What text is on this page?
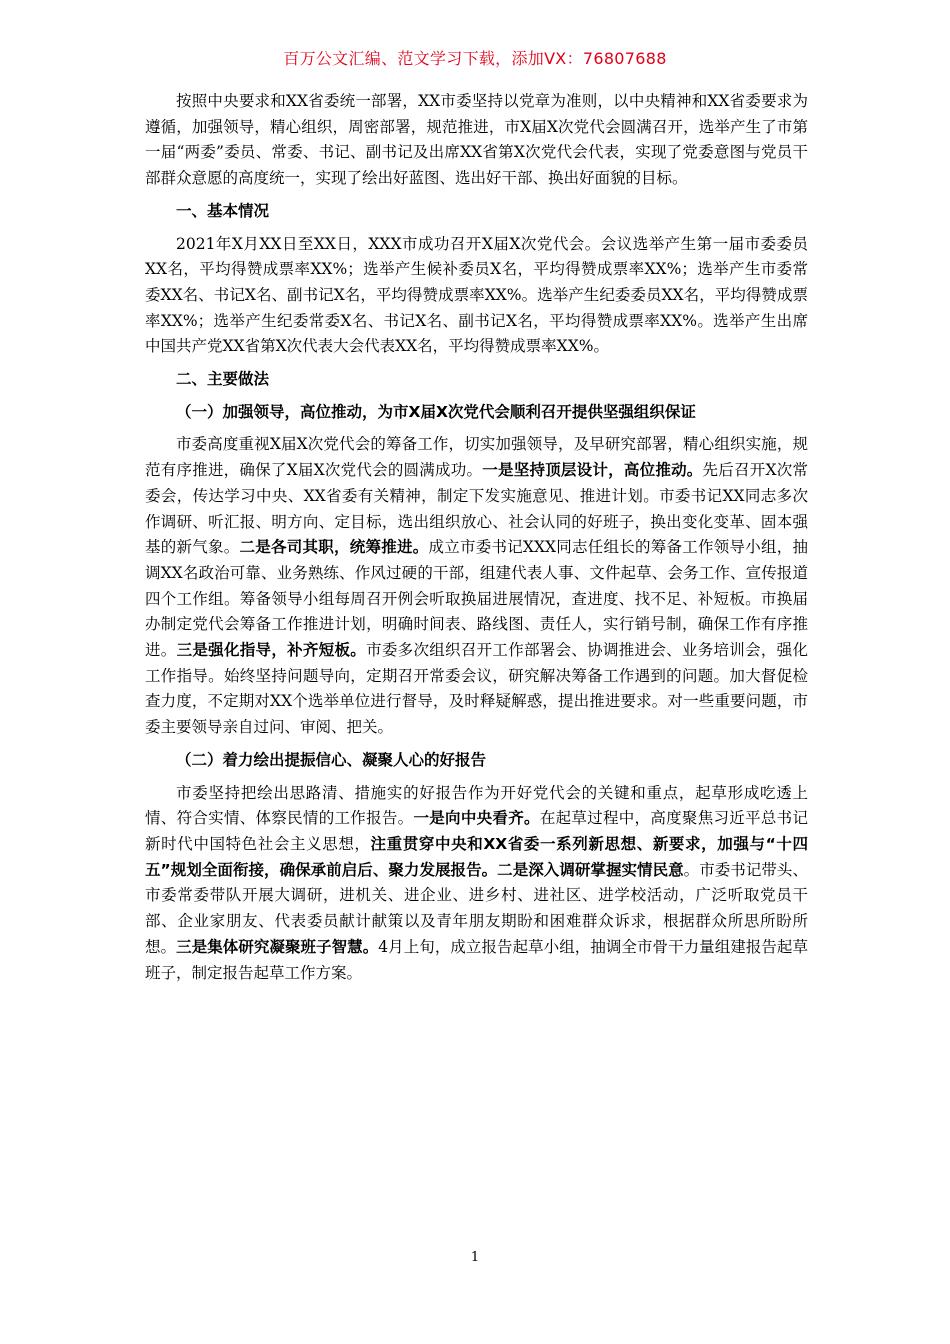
百万公文汇编、范文学习下载，添加VX：76807688

按照中央要求和XX省委统一部署，XX市委坚持以党章为准则，以中央精神和XX省委要求为遵循，加强领导，精心组织，周密部署，规范推进，市X届X次党代会圆满召开，选举产生了市第一届“两委”委员、常委、书记、副书记及出席XX省第X次党代会代表，实现了党委意图与党员干部群众意愿的高度统一，实现了绘出好蓝图、选出好干部、换出好面貌的目标。

一、基本情况

2021年X月XX日至XX日，XXX市成功召开X届X次党代会。会议选举产生第一届市委委员XX名，平均得赞成票率XX%；选举产生候补委员X名，平均得赞成票率XX%；选举产生市委常委XX名、书记X名、副书记X名，平均得赞成票率XX%。选举产生纪委委员XX名，平均得赞成票率XX%；选举产生纪委常委X名、书记X名、副书记X名，平均得赞成票率XX%。选举产生出席中国共产党XX省第X次代表大会代表XX名，平均得赞成票率XX%。

二、主要做法

（一）加强领导，高位推动，为市X届X次党代会顺利召开提供坚强组织保证

市委高度重视X届X次党代会的筹备工作，切实加强领导，及早研究部署，精心组织实施，规范有序推进，确保了X届X次党代会的圆满成功。一是坚持顶层设计，高位推动。先后召开X次常委会，传达学习中央、XX省委有关精神，制定下发实施意见、推进计划。市委书记XX同志多次作调研、听汇报、明方向、定目标，选出组织放心、社会认同的好班子，换出变化变革、固本强基的新气象。二是各司其职，统筹推进。成立市委书记XXX同志任组长的筹备工作领导小组，抽调XX名政治可靠、业务熟练、作风过硬的干部，组建代表人事、文件起草、会务工作、宣传报道四个工作组。筹备领导小组每周召开例会听取换届进展情况，查进度、找不足、补短板。市换届办制定党代会筹备工作推进计划，明确时间表、路线图、责任人，实行销号制，确保工作有序推进。三是强化指导，补齐短板。市委多次组织召开工作部署会、协调推进会、业务培训会，强化工作指导。始终坚持问题导向，定期召开常委会议，研究解决筹备工作遇到的问题。加大督促检查力度，不定期对XX个选举单位进行督导，及时释疑解惑，提出推进要求。对一些重要问题，市委主要领导亲自过问、审阅、把关。

（二）着力绘出提振信心、凝聚人心的好报告

市委坚持把绘出思路清、措施实的好报告作为开好党代会的关键和重点，起草形成吃透上情、符合实情、体察民情的工作报告。一是向中央看齐。在起草过程中，高度聚焦习近平总书记新时代中国特色社会主义思想，注重贯穿中央和XX省委一系列新思想、新要求，加强与“十四五”规划全面衔接，确保承前启后、聚力发展报告。二是深入调研掌握实情民意。市委书记带头、市委常委带队开展大调研，进机关、进企业、进乡村、进社区、进学校活动，广泛听取党员干部、企业家朋友、代表委员献计献策以及青年朋友期盼和困难群众诉求，根据群众所思所盼所想。三是集体研究凝聚班子智慧。4月上旬，成立报告起草小组，抽调全市骨干力量组建报告起草班子，制定报告起草工作方案。

1
